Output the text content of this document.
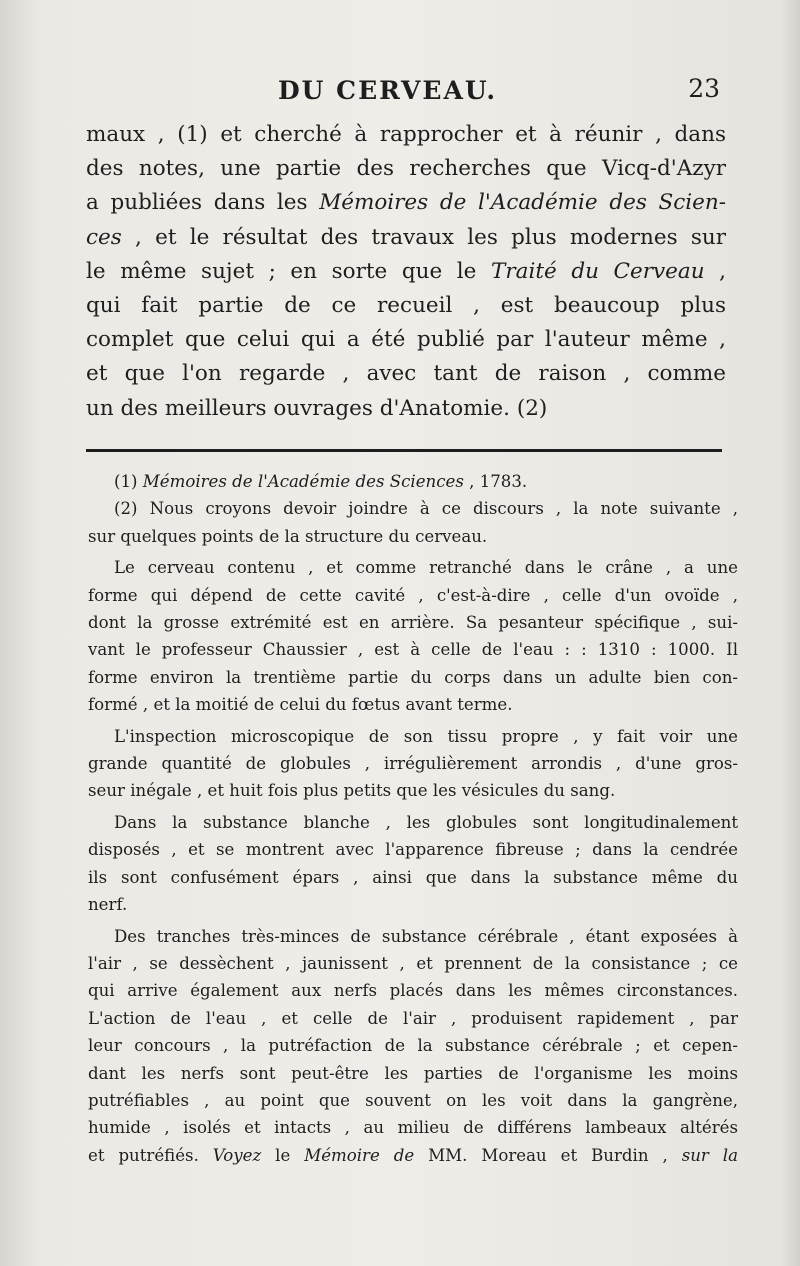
DU CERVEAU.	23
maux , (1) et cherché à rapprocher et à réunir , dans
des notes, une partie des recherches que Vicq-d'Azyr
a publiées dans les Mémoires de l'Académie des Scien-
ces , et le résultat des travaux les plus modernes sur
le même sujet ; en sorte que le Traité du Cerveau ,
qui fait partie de ce recueil , est beaucoup plus
complet que celui qui a été publié par l'auteur même ,
et que l'on regarde , avec tant de raison , comme
un des meilleurs ouvrages d'Anatomie. (2)
(1) Mémoires de l'Académie des Sciences , 1783.
(2) Nous croyons devoir joindre à ce discours , la note suivante ,
sur quelques points de la structure du cerveau.
Le cerveau contenu , et comme retranché dans le crâne , a une
forme qui dépend de cette cavité , c'est-à-dire , celle d'un ovoïde ,
dont la grosse extrémité est en arrière. Sa pesanteur spécifique , sui-
vant le professeur Chaussier , est à celle de l'eau : : 1310 : 1000. Il
forme environ la trentième partie du corps dans un adulte bien con-
formé , et la moitié de celui du fœtus avant terme.
L'inspection microscopique de son tissu propre , y fait voir une
grande quantité de globules , irrégulièrement arrondis , d'une gros-
seur inégale , et huit fois plus petits que les vésicules du sang.
Dans la substance blanche , les globules sont longitudinalement
disposés , et se montrent avec l'apparence fibreuse ; dans la cendrée
ils sont confusément épars , ainsi que dans la substance même du
nerf.
Des tranches très-minces de substance cérébrale , étant exposées à
l'air , se dessèchent , jaunissent , et prennent de la consistance ; ce
qui arrive également aux nerfs placés dans les mêmes circonstances.
L'action de l'eau , et celle de l'air , produisent rapidement , par
leur concours , la putréfaction de la substance cérébrale ; et cepen-
dant les nerfs sont peut-être les parties de l'organisme les moins
putréfiables , au point que souvent on les voit dans la gangrène,
humide , isolés et intacts , au milieu de différens lambeaux altérés
et putréfiés. Voyez le Mémoire de MM. Moreau et Burdin , sur la
